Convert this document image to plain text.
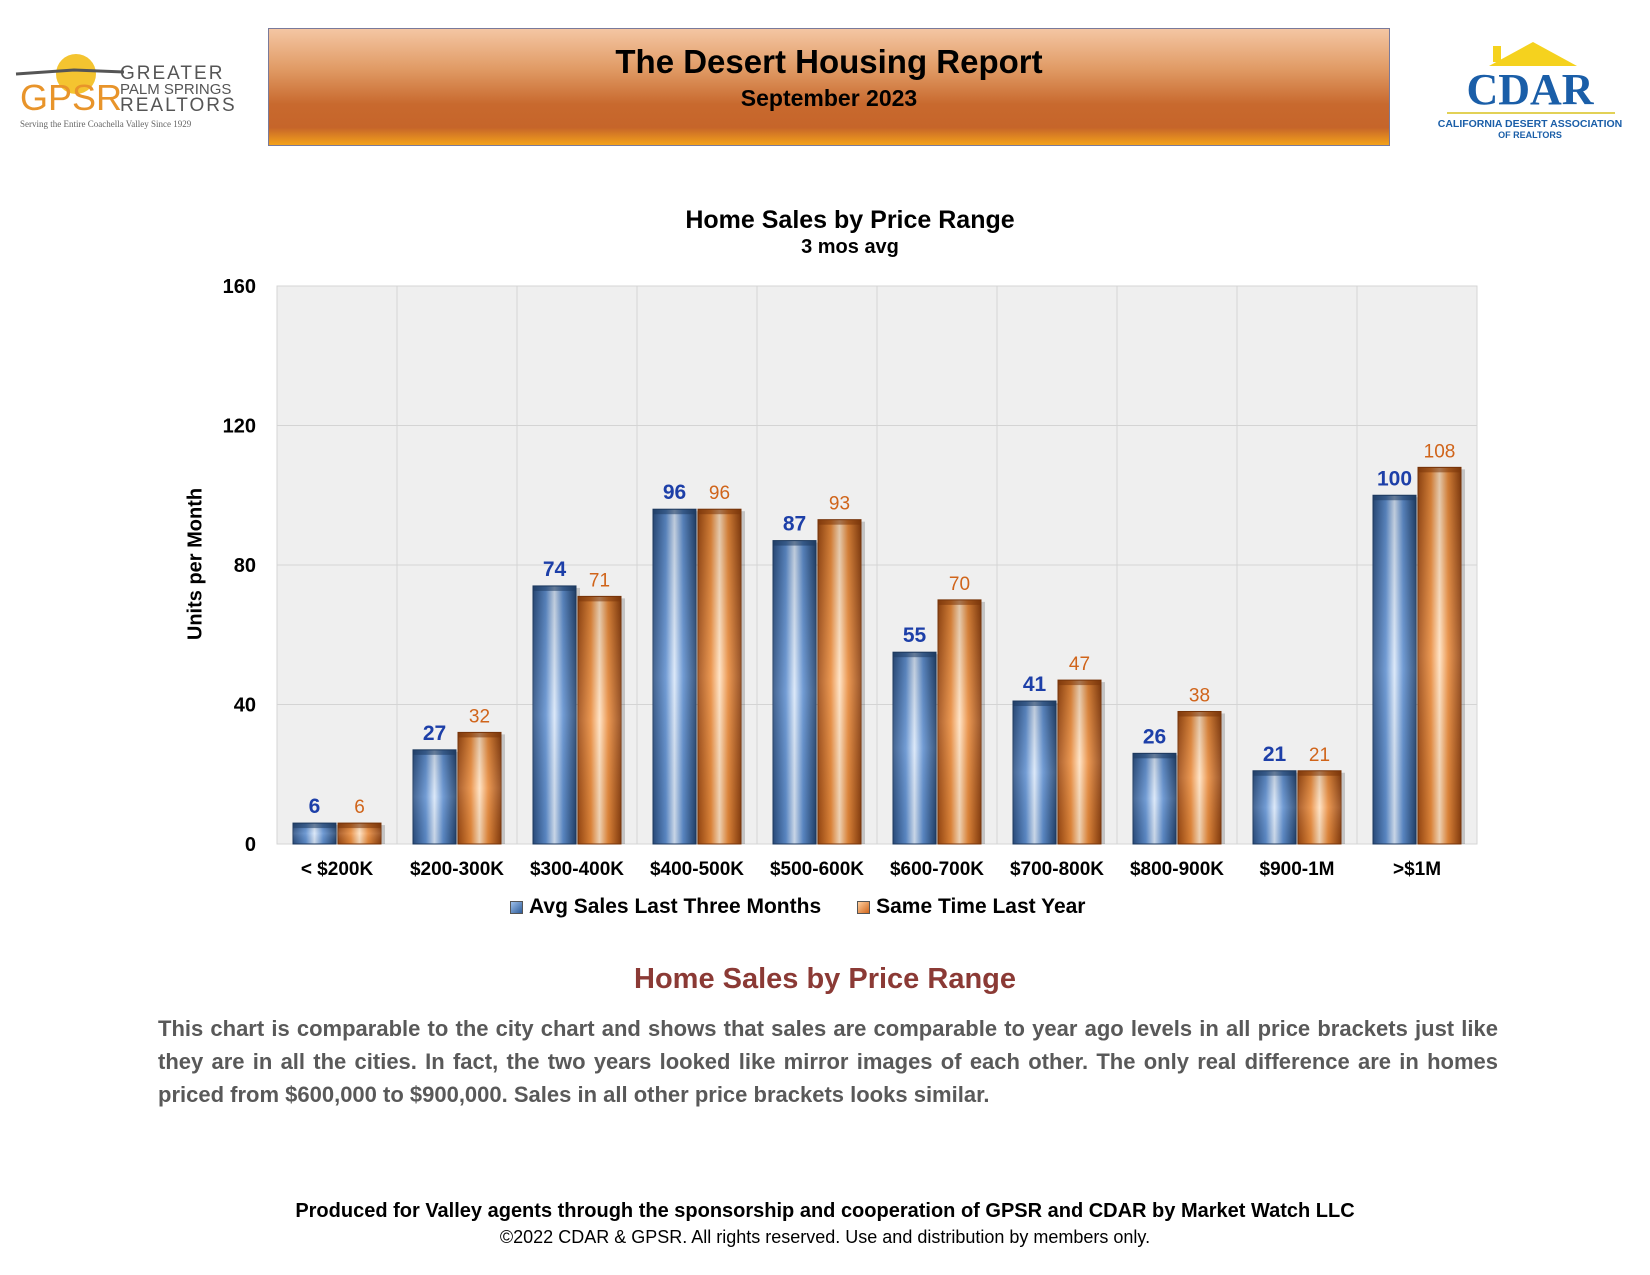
GPSR
GREATER
PALM SPRINGS
REALTORS
Serving the Entire Coachella Valley Since 1929
The Desert Housing Report
September 2023	CDAR
CALIFORNIA DESERT ASSOCIATION
OF REALTORS
Home Sales by Price Range
3 mos avg
Units per Month
0
40
80
120
160
6 6
27
32
74 71
96 96
87
93
55
70
41
47
26
38
21 21
100
108
< $200K $200-300K $300-400K $400-500K $500-600K $600-700K $700-800K $800-900K $900-1M	>$1M
Avg Sales Last Three Months	Same Time Last Year
Home Sales by Price Range
This chart is comparable to the city chart and shows that sales are comparable to year ago levels in all price brackets just like they are in all the cities. In fact, the two years looked like mirror images of each other. The only real difference are in homes priced from $600,000 to $900,000. Sales in all other price brackets looks similar.
Produced for Valley agents through the sponsorship and cooperation of GPSR and CDAR by Market Watch LLC
©2022 CDAR & GPSR. All rights reserved. Use and distribution by members only.
